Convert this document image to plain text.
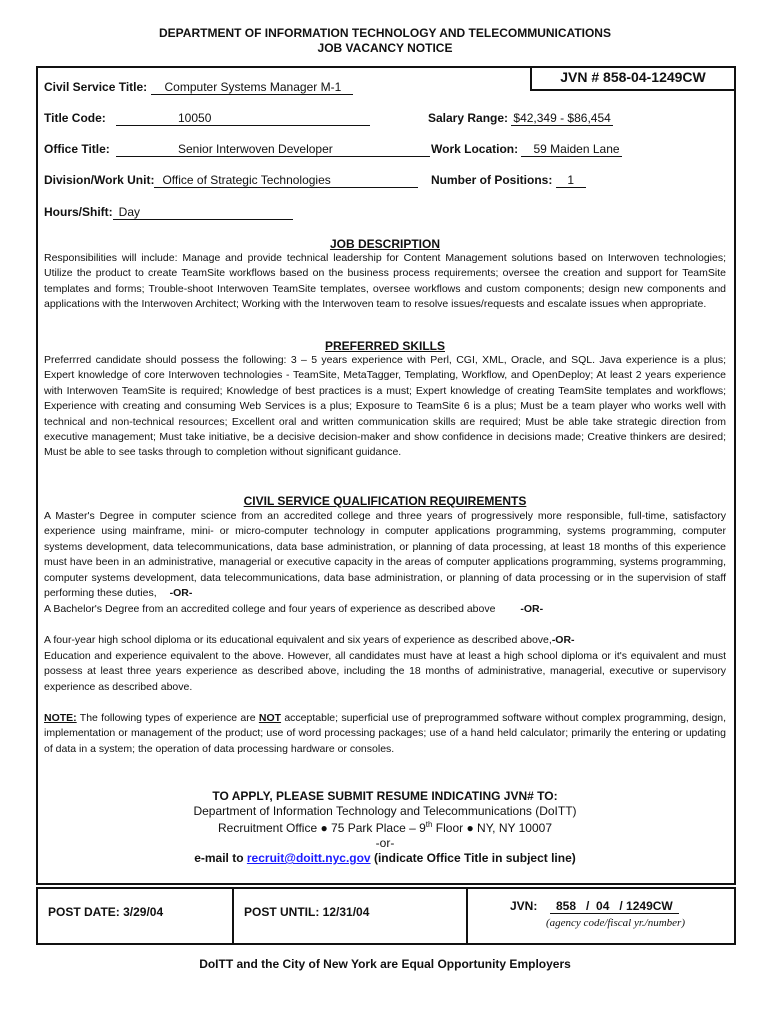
DEPARTMENT OF INFORMATION TECHNOLOGY AND TELECOMMUNICATIONS
JOB VACANCY NOTICE
JVN # 858-04-1249CW
Civil Service Title: Computer Systems Manager M-1
Title Code:	10050	Salary Range: $42,349 - $86,454
Office Title:	Senior Interwoven Developer	Work Location: 59 Maiden Lane
Division/Work Unit: Office of Strategic Technologies	Number of Positions: 1
Hours/Shift: Day
JOB DESCRIPTION

Responsibilities will include: Manage and provide technical leadership for Content Management solutions based on Interwoven technologies; Utilize the product to create TeamSite workflows based on the business process requirements; oversee the creation and support for TeamSite templates and forms; Trouble-shoot Interwoven TeamSite templates, oversee workflows and custom components; design new components and applications with the Interwoven Architect; Working with the Interwoven team to resolve issues/requests and escalate issues when appropriate.

PREFERRED SKILLS

Preferrred candidate should possess the following: 3 – 5 years experience with Perl, CGI, XML, Oracle, and SQL. Java experience is a plus; Expert knowledge of core Interwoven technologies - TeamSite, MetaTagger, Templating, Workflow, and OpenDeploy; At least 2 years experience with Interwoven TeamSite is required; Knowledge of best practices is a must; Expert knowledge of creating TeamSite templates and workflows; Experience with creating and consuming Web Services is a plus; Exposure to TeamSite 6 is a plus; Must be a team player who works well with technical and non-technical resources; Excellent oral and written communication skills are required; Must be able take strategic direction from executive management; Must take initiative, be a decisive decision-maker and show confidence in decisions made; Creative thinkers are desired; Must be able to see tasks through to completion without significant guidance.

CIVIL SERVICE QUALIFICATION REQUIREMENTS

A Master's Degree in computer science from an accredited college and three years of progressively more responsible, full-time, satisfactory experience using mainframe, mini- or micro-computer technology in computer applications programming, systems programming, computer systems development, data telecommunications, data base administration, or planning of data processing, at least 18 months of this experience must have been in an administrative, managerial or executive capacity in the areas of computer applications programming, systems programming, computer systems development, data telecommunications, data base administration, or planning of data processing or in the supervision of staff performing these duties, -OR-

A Bachelor's Degree from an accredited college and four years of experience as described above -OR-

A four-year high school diploma or its educational equivalent and six years of experience as described above,-OR-

Education and experience equivalent to the above. However, all candidates must have at least a high school diploma or it's equivalent and must possess at least three years experience as described above, including the 18 months of administrative, managerial, executive or supervisory experience as described above.

NOTE: The following types of experience are NOT acceptable; superficial use of preprogrammed software without complex programming, design, implementation or management of the product; use of word processing packages; use of a hand held calculator; primarily the entering or updating of data in a system; the operation of data processing hardware or consoles.

TO APPLY, PLEASE SUBMIT RESUME INDICATING JVN# TO:
Department of Information Technology and Telecommunications (DoITT)
Recruitment Office ● 75 Park Place – 9th Floor ● NY, NY 10007
-or-
e-mail to recruit@doitt.nyc.gov (indicate Office Title in subject line)
POST DATE: 3/29/04	POST UNTIL: 12/31/04	JVN:	858   /  04   / 1249CW
(agency code/fiscal yr./number)
DoITT and the City of New York are Equal Opportunity Employers
